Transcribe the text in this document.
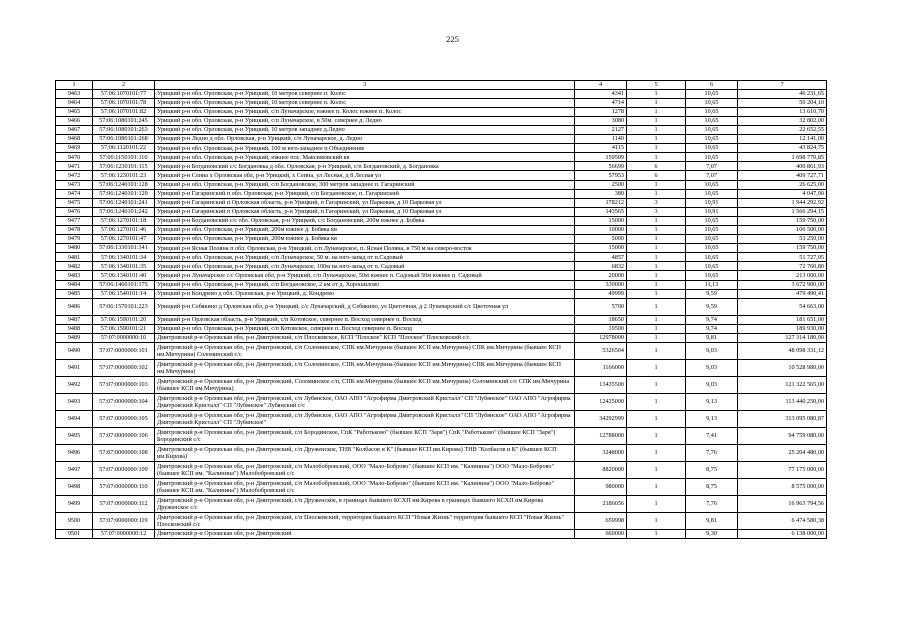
225
1	2	3	4	5	6	7
9463	57:06:1070101:77	Урицкий р-н обл. Орловская, р-н Урицкий, 10 метров севернее п. Колос	4341	1	10,65	46 231,65
9464	57:06:1070101:78	Урицкий р-н обл. Орловская, р-н Урицкий, 10 метров севернее п. Колос	4714	1	10,65	50 204,10
9465	57:06:1070101:82	Урицкий р-н обл. Орловская, р-н Урицкий, с/п Луначарское, южнее п. Колос южнее п. Колос	1278	1	10,65	13 610,70
9466	57:06:1080101:245	Урицкий р-н обл. Орловская, р-н Урицкий, с/п Луначарское, в 50м. севернее д. Ледно	3080	1	10,65	32 802,00
9467	57:06:1080101:263	Урицкий р-н обл. Орловская, р-н Урицкий, 10 метров западнее д.Ледно	2127	1	10,65	22 652,55
9468	57:06:1080101:268	Урицкий р-н Ледно д обл. Орловская, р-н Урицкий, с/п Луначарское, д. Ледно	1140	1	10,65	12 141,00
9469	57:06:1120101:22	Урицкий р-н обл. Орловская, р-н Урицкий, 100 м юго-западнее п Объединение	4115	1	10,65	43 824,75
9470	57:06:1150101:110	Урицкий р-н обл. Орловская, р-н Урицкий, южнее пос. Максимовский кв	159509	1	10,65	1 698 770,85
9471	57:06:1230101:115	Урицкий р-н Богдановский с/с Богдановка д обл. Орловская, р-н Урицкий, с/п Богдановский, д. Богдановка	56699	6	7,07	400 861,93
9472	57:06:1230101:23	Урицкий р-н Сеина х Орловская обл, р-н Урицкий, х Сеина, ул Лесная, д 8 Лесная ул	57953	6	7,07	409 727,71
9473	57:06:1240101:128	Урицкий р-н обл. Орловская, р-н Урицкий, с/п Богдановское, 300 метров западнее п. Гагаринский	2500	1	10,65	26 625,00
9474	57:06:1240101:129	Урицкий р-н Гагаринский п обл. Орловская, р-н Урицкий, с/п Богдановское, п. Гагаринский	380	1	10,65	4 047,00
9475	57:06:1240101:241	Урицкий р-н Гагаринский п Орловская область, р-н Урицкий, п Гагаринский, ул Парковая, д 10 Парковая ул	178212	3	10,91	1 944 292,92
9476	57:06:1240101:242	Урицкий р-н Гагаринский п Орловская область, р-н Урицкий, п Гагаринский, ул Парковая, д 10 Парковая ул	143565	3	10,91	1 566 294,15
9477	57:06:1270101:18	Урицкий р-н Богдановский с/с обл. Орловская, р-н Урицкий, с/с Богдановский, 200м южнее д. Бобяка	15000	1	10,65	159 750,00
9478	57:06:1270101:46	Урицкий р-н обл. Орловская, р-н Урицкий, 200м южнее д. Бобяка кв	10000	1	10,65	106 500,00
9479	57:06:1270101:47	Урицкий р-н обл. Орловская, р-н Урицкий, 200м южнее д. Бобяка кв	5000	1	10,65	53 250,00
9480	57:06:1330101:141	Урицкий р-н Ясная Поляна п обл. Орловская, р-н Урицкий, с/п Луначарское, п. Ясная Поляна, в 750 м на северо-восток	15000	1	10,65	159 750,00
9481	57:06:1340101:34	Урицкий р-н обл. Орловская, р-н Урицкий, с/п Луначарское, 50 м. на юго-запад от п.Садовый	4857	1	10,65	51 727,05
9482	57:06:1340101:35	Урицкий р-н обл. Орловская, р-н Урицкий, с/п Луначарское, 100м на юго-запад от п. Садовый	6832	1	10,65	72 760,80
9483	57:06:1340101:40	Урицкий р-н Луначарское с/с Орловская обл, р-н Урицкий, с/п Луначарское, 50м южнее п. Садовый 50м южнее п. Садовый	20000	1	10,65	213 000,00
9484	57:06:1460101:175	Урицкий р-н обл. Орловская, р-н Урицкий, с/п Богдановское, 2 км от д. Хорошилово	330000	1	11,13	3 672 900,00
9485	57:06:1540101:14	Урицкий р-н Кондрево д обл. Орловская, р-н Урицкий, д. Кондрево	49999	1	9,59	479 490,41
9486	57:06:1570101:223	Урицкий р-н Себякино д Орловская обл, р-н Урицкий, с/с Луначарский, д Себякино, ул Цветочная, д 2 Луначарский с/с Цветочная ул	5700	1	9,59	54 663,00
9487	57:06:1590101:20	Урицкий р-н Орловская область, р-н Урицкий, с/п Котовское, севернее п. Восход севернее п. Восход	18650	1	9,74	181 651,00
9488	57:06:1590101:21	Урицкий р-н обл. Орловская, р-н Урицкий, с/п Котовское, севернее п. Восход севернее п. Восход	19500	1	9,74	189 930,00
9489	57:07:0000000:10	Дмитровский р-н Орловская обл, р-н Дмитровский, с/п Плосковское, КСП "Плоское" КСП "Плоское" Плосковский с/с	12978000	1	9,81	127 314 180,00
9490	57:07:0000000:101	Дмитровский р-н Орловская обл, р-н Дмитровский, с/п Соломинское, СПК им.Мичурина (бывшее КСП им.Мичурина) СПК им.Мичурина (бывшее КСП им.Мичурина) Соломинский с/с	5326504	1	9,03	48 098 331,12
9491	57:07:0000000:102	Дмитровский р-н Орловская обл, р-н Дмитровский, с/п Соломинское, СПК им.Мичурина (бывшее КСП им.Мичурина) СПК им.Мичурина (бывшее КСП им.Мичурина)	1166000	1	9,03	10 528 980,00
9492	57:07:0000000:103	Дмитровский р-н Орловская обл, р-н Дмитровский, Соломинское с/п, СПК им.Мичурина (бывшее КСП им.Мичурина) Соломинский с/с СПК им.Мичурина (бывшее КСП им.Мичурина)	13435500	1	9,03	121 322 565,00
9493	57:07:0000000:104	Дмитровский р-н Орловская обл, р-н Дмитровский, с/п Лубянское, ОАО АПО "Агрофирма Дмитровский Кристалл" СП "Лубянское" ОАО АПО "Агрофирма Дмитровский Кристалл" СП "Лубянское" Лубянский с/с	12425000	1	9,13	113 440 250,00
9494	57:07:0000000:105	Дмитровский р-н Орловская обл, р-н Дмитровский, с/п Лубянское, ОАО АПО "Агрофирма Дмитровский Кристалл" СП "Лубянское" ОАО АПО "Агрофирма Дмитровский Кристалл" СП "Лубянское"	34292999	1	9,13	313 095 080,87
9495	57:07:0000000:106	Дмитровский р-н Орловская обл, р-н Дмитровский, с/п Бородинское, СпК "Работьково" (бывшее КСП "Заря") СпК "Работьково" (бывшее КСП "Заря") Бородинский с/с	12788000	1	7,41	94 759 080,00
9496	57:07:0000000:108	Дмитровский р-н Орловская обл, р-н Дмитровский, с/п Друженское, ТНВ "Колбасов и К" (бывшее КСП им.Кирова) ТНВ "Колбасов и К" (бывшее КСП им.Кирова)	3248000	1	7,76	25 204 480,00
9497	57:07:0000000:109	Дмитровский р-н Орловская обл, р-н Дмитровский, с/п Малобобровский, ООО "Мало-Боброво" (бывшее КСП им. "Калинина") ООО "Мало-Боброво" (бывшее КСП им. "Калинина") Малобобровский с/с	8820000	1	8,75	77 175 000,00
9498	57:07:0000000:110	Дмитровский р-н Орловская обл, р-н Дмитровский, с/п Малобобровский, ООО "Мало-Боброво" (бывшее КСП им. "Калинина") ООО "Мало-Боброво" (бывшее КСП им. "Калинина") Малобобровский с/с	980000	1	8,75	8 575 000,00
9499	57:07:0000000:112	Дмитровский р-н Орловская обл, р-н Дмитровский, с/п Друженское, в границах бывшего КСХП им.Кирова в границах бывшего КСХП им.Кирова Друженское с/с	2186056	1	7,76	16 963 794,56
9500	57:07:0000000:119	Дмитровский р-н Орловская обл, р-н Дмитровский, с/п Плосковский, территория бывшего КСП "Новая Жизнь" территория бывшего КСП "Новая Жизнь" Плосковский с/с	659998	1	9,81	6 474 580,38
9501	57:07:0000000:12	Дмитровский р-н Орловская обл, р-н Дмитровский	660000	1	9,30	6 138 000,00
